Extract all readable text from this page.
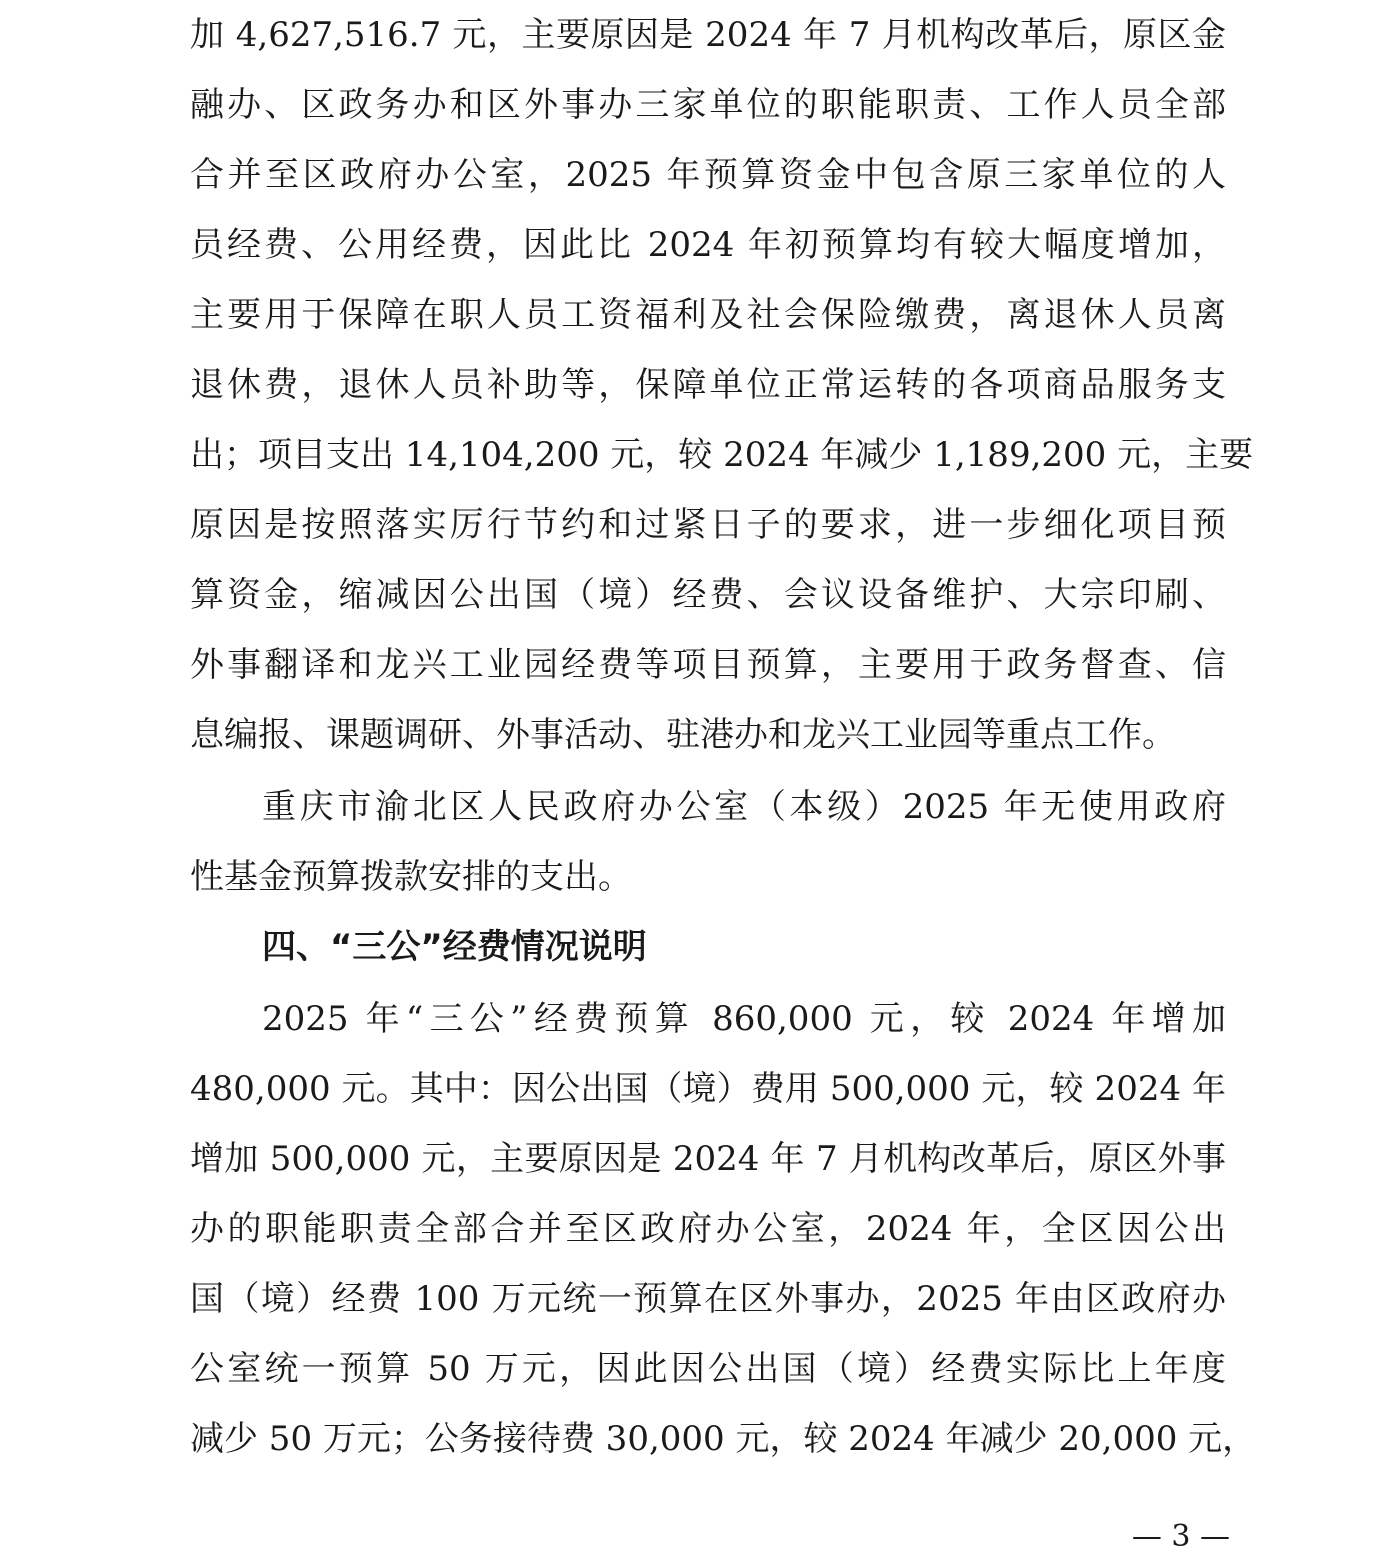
加 4,627,516.7 元，主要原因是 2024 年 7 月机构改革后，原区金
融办、区政务办和区外事办三家单位的职能职责、工作人员全部
合并至区政府办公室，2025 年预算资金中包含原三家单位的人
员经费、公用经费，因此比 2024 年初预算均有较大幅度增加，
主要用于保障在职人员工资福利及社会保险缴费，离退休人员离
退休费，退休人员补助等，保障单位正常运转的各项商品服务支
出；项目支出 14,104,200 元，较 2024 年减少 1,189,200 元，主要
原因是按照落实厉行节约和过紧日子的要求，进一步细化项目预
算资金，缩减因公出国（境）经费、会议设备维护、大宗印刷、
外事翻译和龙兴工业园经费等项目预算，主要用于政务督查、信
息编报、课题调研、外事活动、驻港办和龙兴工业园等重点工作。
重庆市渝北区人民政府办公室（本级）2025 年无使用政府
性基金预算拨款安排的支出。
四、“三公”经费情况说明
2025 年“三公”经费预算 860,000 元，较 2024 年增加
480,000 元。其中：因公出国（境）费用 500,000 元，较 2024 年
增加 500,000 元，主要原因是 2024 年 7 月机构改革后，原区外事
办的职能职责全部合并至区政府办公室，2024 年，全区因公出
国（境）经费 100 万元统一预算在区外事办，2025 年由区政府办
公室统一预算 50 万元，因此因公出国（境）经费实际比上年度
减少 50 万元；公务接待费 30,000 元，较 2024 年减少 20,000 元，
— 3 —
